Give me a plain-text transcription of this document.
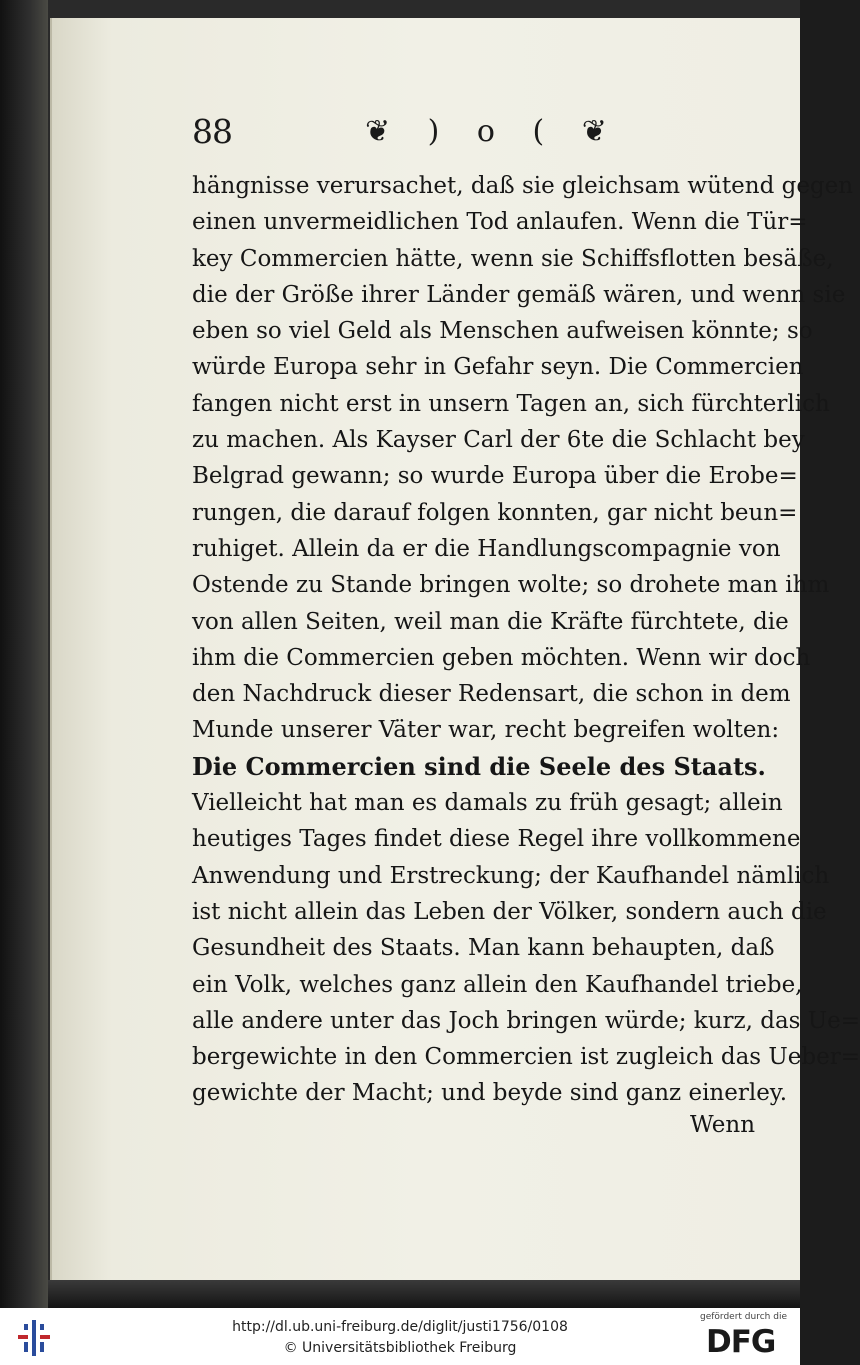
88	❦ ) o ( ❦
hängnisse verursachet, daß sie gleichsam wütend gegen
einen unvermeidlichen Tod anlaufen. Wenn die Tür=
key Commercien hätte, wenn sie Schiffsflotten besäße,
die der Größe ihrer Länder gemäß wären, und wenn sie
eben so viel Geld als Menschen aufweisen könnte; so
würde Europa sehr in Gefahr seyn. Die Commercien
fangen nicht erst in unsern Tagen an, sich fürchterlich
zu machen. Als Kayser Carl der 6te die Schlacht bey
Belgrad gewann; so wurde Europa über die Erobe=
rungen, die darauf folgen konnten, gar nicht beun=
ruhiget. Allein da er die Handlungscompagnie von
Ostende zu Stande bringen wolte; so drohete man ihm
von allen Seiten, weil man die Kräfte fürchtete, die
ihm die Commercien geben möchten. Wenn wir doch
den Nachdruck dieser Redensart, die schon in dem
Munde unserer Väter war, recht begreifen wolten:
Die Commercien sind die Seele des Staats.
Vielleicht hat man es damals zu früh gesagt; allein
heutiges Tages findet diese Regel ihre vollkommene
Anwendung und Erstreckung; der Kaufhandel nämlich
ist nicht allein das Leben der Völker, sondern auch die
Gesundheit des Staats. Man kann behaupten, daß
ein Volk, welches ganz allein den Kaufhandel triebe,
alle andere unter das Joch bringen würde; kurz, das Ue=
bergewichte in den Commercien ist zugleich das Ueber=
gewichte der Macht; und beyde sind ganz einerley.
Wenn
http://dl.ub.uni-freiburg.de/diglit/justi1756/0108
© Universitätsbibliothek Freiburg
gefördert durch die
DFG
